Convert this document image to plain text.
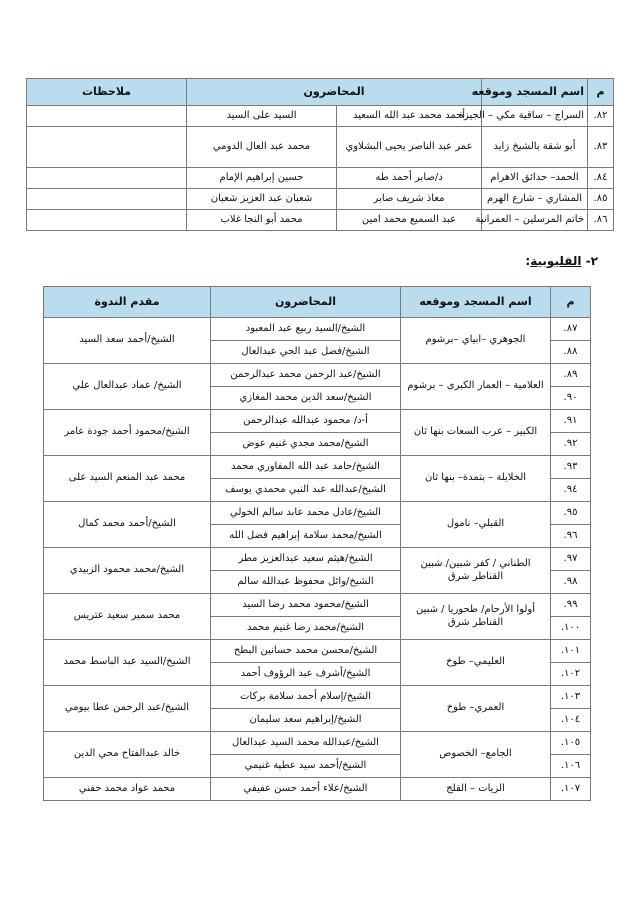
م	اسم المسجد وموقعه	المحاضرون		ملاحظات
٨٢.	السراج – ساقية مكي – الجيزة	أحمد محمد عبد الله السعيد	السيد على السيد	
٨٣.	أبو شقة بالشيخ زايد	عمر عبد الناصر يحيى البشلاوي	محمد عبد العال الدومي	
٨٤.	الحمد– حدائق الاهرام	د/صابر أحمد طه	حسين إبراهيم الإمام	
٨٥.	المشاري – شارع الهرم	معاذ شريف صابر	شعبان عبد العزيز شعبان	
٨٦.	خاتم المرسلين – العمرانية	عبد السميع محمد امين	محمد أبو النجا غلاب	
٢- القليوبية:
م	اسم المسجد وموقعه	المحاضرون	مقدم الندوة
٨٧.	الجوهري –ابياي –برشوم	الشيخ/السيد ربيع عبد المعبود	الشيخ/أحمد سعد السيد
٨٨.		الشيخ/فضل عبد الحي عبدالعال	
٨٩.	العلامية – العمار الكبرى – برشوم	الشيخ/عبد الرحمن محمد عبدالرحمن	الشيخ/ عماد عبدالعال علي
٩٠.		الشيخ/سعد الدين محمد المغازي	
٩١.	الكبير – عرب السعات بنها ثان	أ-د/ محمود عبدالله عبدالرحمن	الشيخ/محمود أحمد جودة عامر
٩٢.		الشيخ/محمد مجدي غنيم عوض	
٩٣.	الخلايلة – بتمدة– بنها ثان	الشيخ/حامد عبد الله المفاوري محمد	محمد عبد المنعم السيد على
٩٤.		الشيخ/عبدالله عبد النبي محمدي يوسف	
٩٥.	القبلي– نامول	الشيخ/عادل محمد عابد سالم الخولي	الشيخ/أحمد محمد كمال
٩٦.		الشيخ/محمد سلامة إبراهيم فضل الله	
٩٧.	الطناني / كفر شبين/ شبين القناطر شرق	الشيخ/هيثم سعيد عبدالعزيز مطر	الشيخ/محمد محمود الزبيدي
٩٨.		الشيخ/وائل محفوظ عبدالله سالم	
٩٩.	أولوا الأرحام/ طحوريا / شبين القناطر شرق	الشيخ/محمود محمد رضا السيد	محمد سمير سعيد عتريس
١٠٠.		الشيخ/محمد رضا غنيم محمد	
١٠١.	العليمي– طوخ	الشيخ/محسن محمد حسانين البطح	الشيخ/السيد عبد الباسط محمد
١٠٢.		الشيخ/أشرف عبد الرؤوف أحمد	
١٠٣.	العمري– طوخ	الشيخ/إسلام أحمد سلامة بركات	الشيخ/عبد الرحمن عطا بيومي
١٠٤.		الشيخ/إبراهيم سعد سليمان	
١٠٥.	الجامع– الخصوص	الشيخ/عبدالله محمد السيد عبدالعال	خالد عبدالفتاح محي الدين
١٠٦.		الشيخ/أحمد سيد عطية غنيمي	
١٠٧.	الزيات – القلج	الشيخ/علاء أحمد حسن عفيفي	محمد عواد محمد حفني
